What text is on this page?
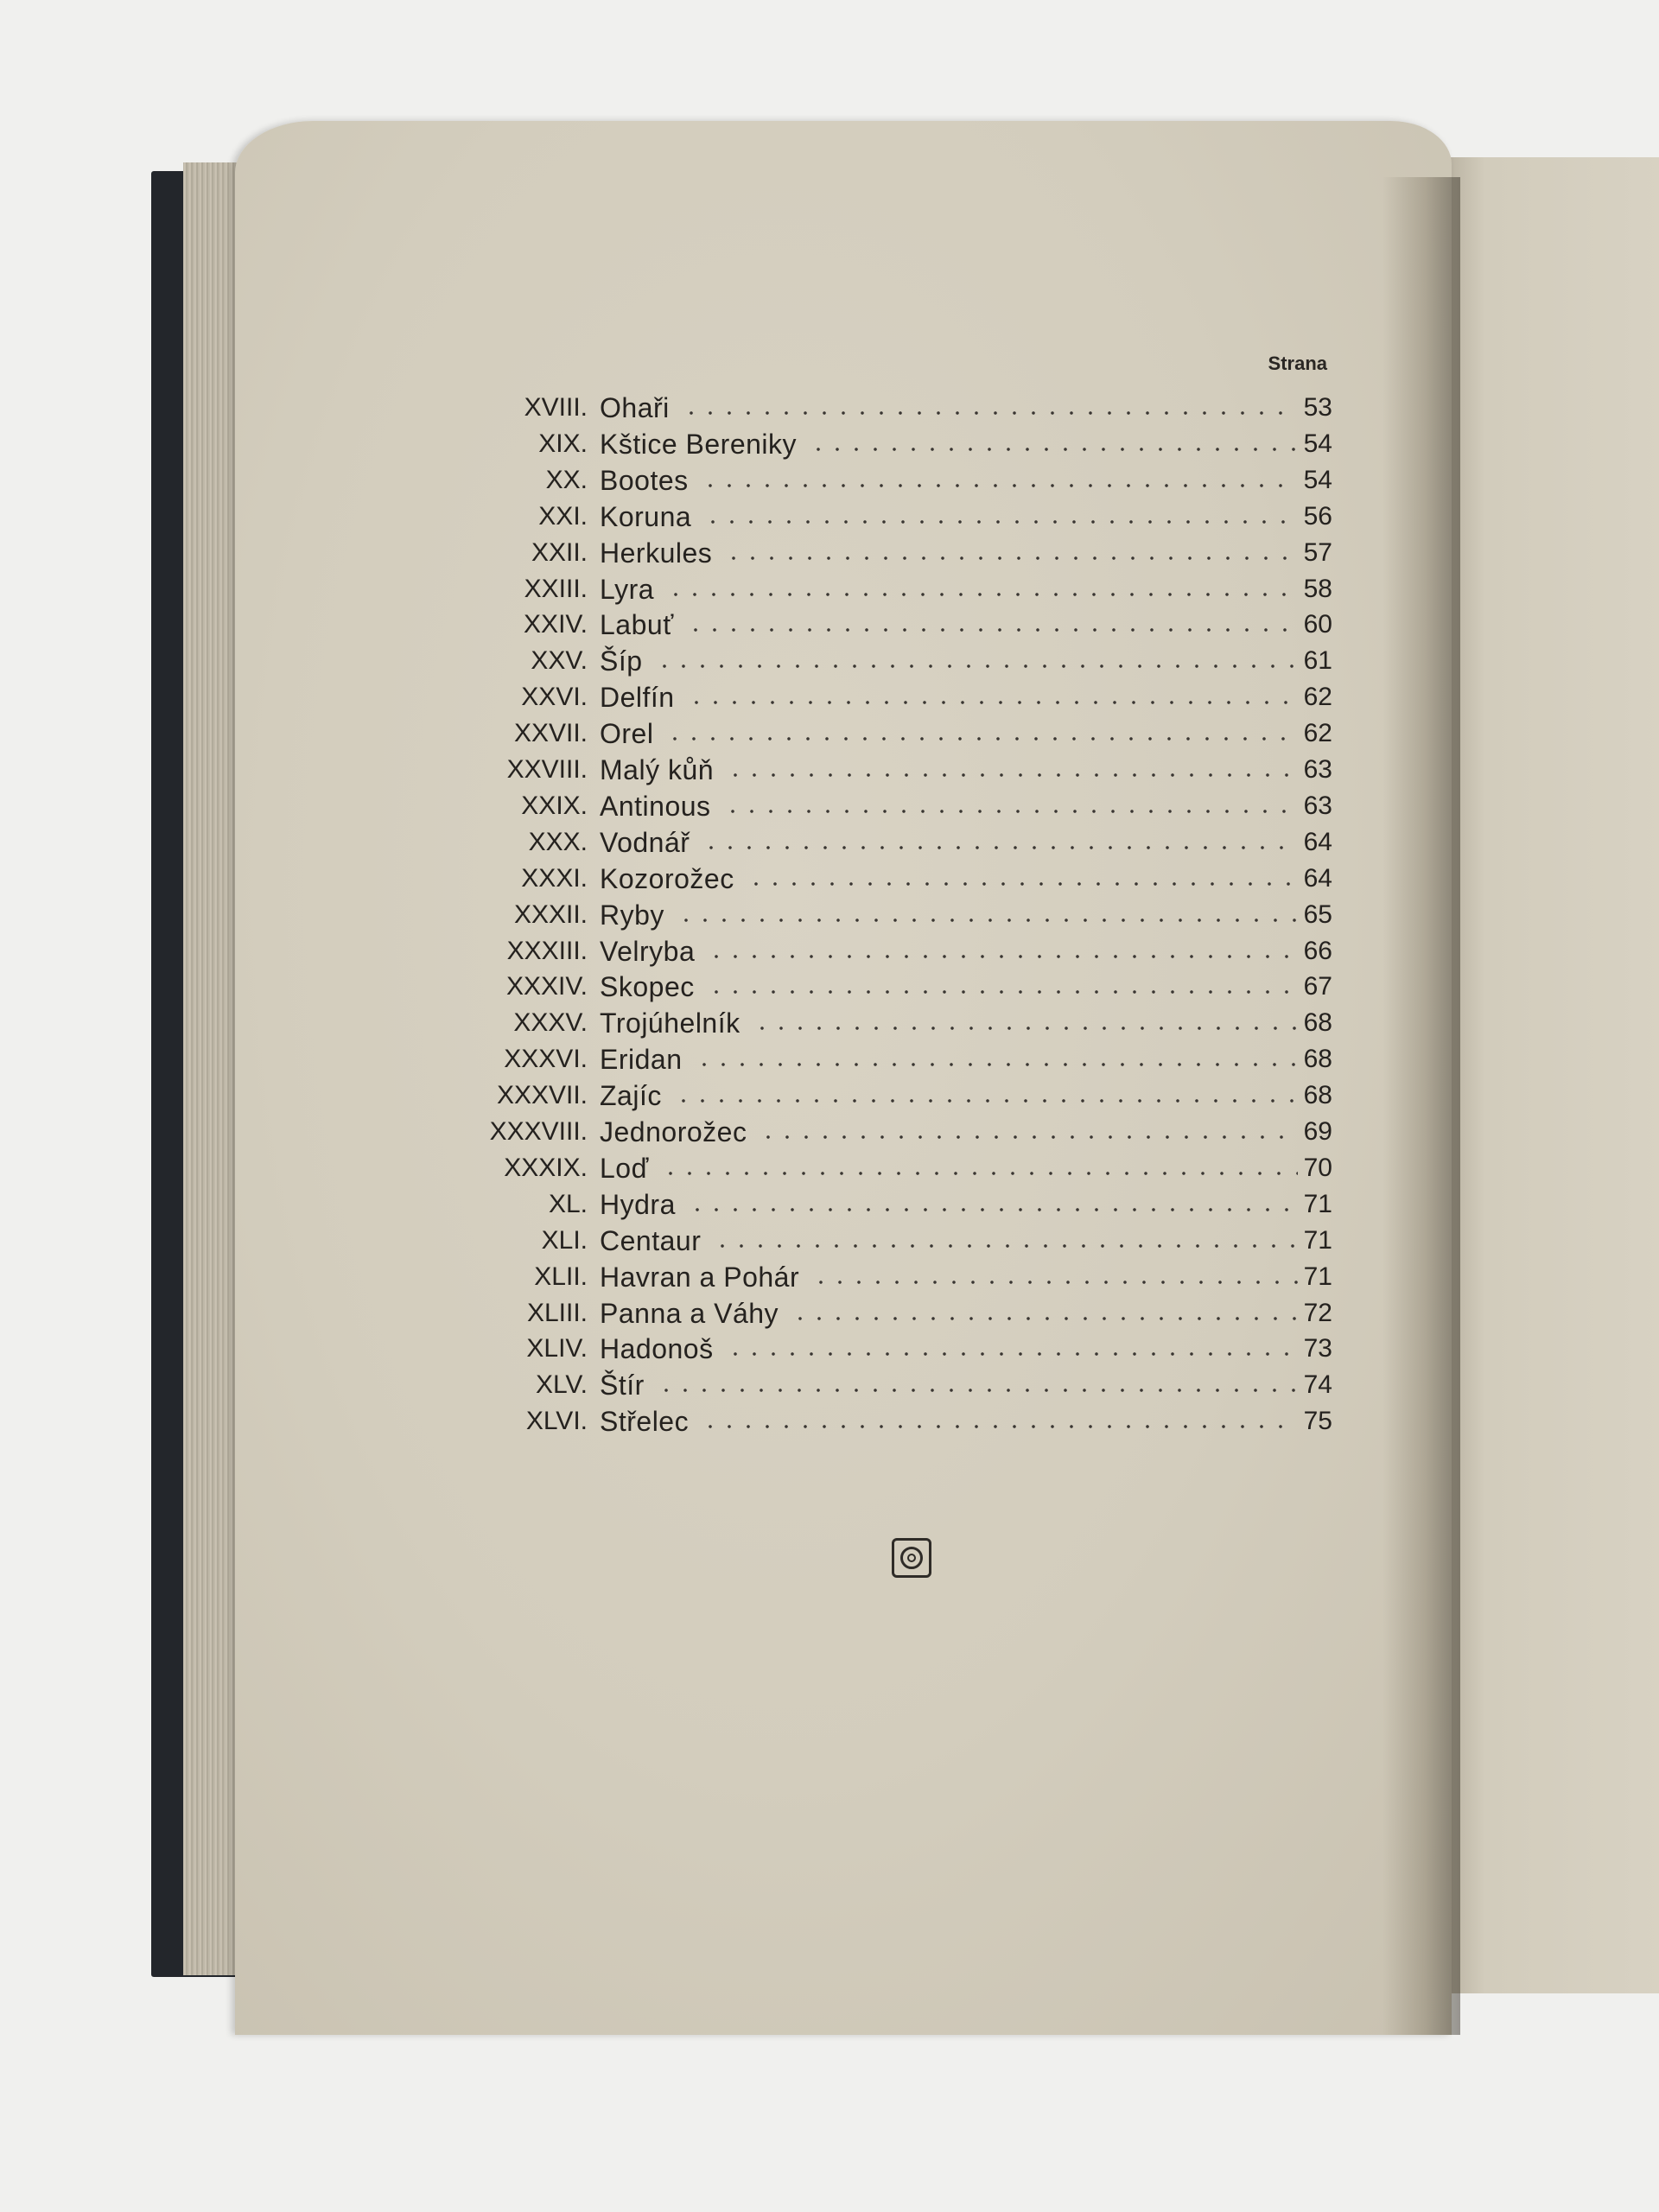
Strana
XVIII. Ohaři	53
XIX. Kštice Bereniky	54
XX. Bootes	54
XXI. Koruna	56
XXII. Herkules	57
XXIII. Lyra	58
XXIV. Labuť	60
XXV. Šíp	61
XXVI. Delfín	62
XXVII. Orel	62
XXVIII. Malý kůň	63
XXIX. Antinous	63
XXX. Vodnář	64
XXXI. Kozorožec	64
XXXII. Ryby	65
XXXIII. Velryba	66
XXXIV. Skopec	67
XXXV. Trojúhelník	68
XXXVI. Eridan	68
XXXVII. Zajíc	68
XXXVIII. Jednorožec	69
XXXIX. Loď	70
XL. Hydra	71
XLI. Centaur	71
XLII. Havran a Pohár	71
XLIII. Panna a Váhy	72
XLIV. Hadonoš	73
XLV. Štír	74
XLVI. Střelec	75
